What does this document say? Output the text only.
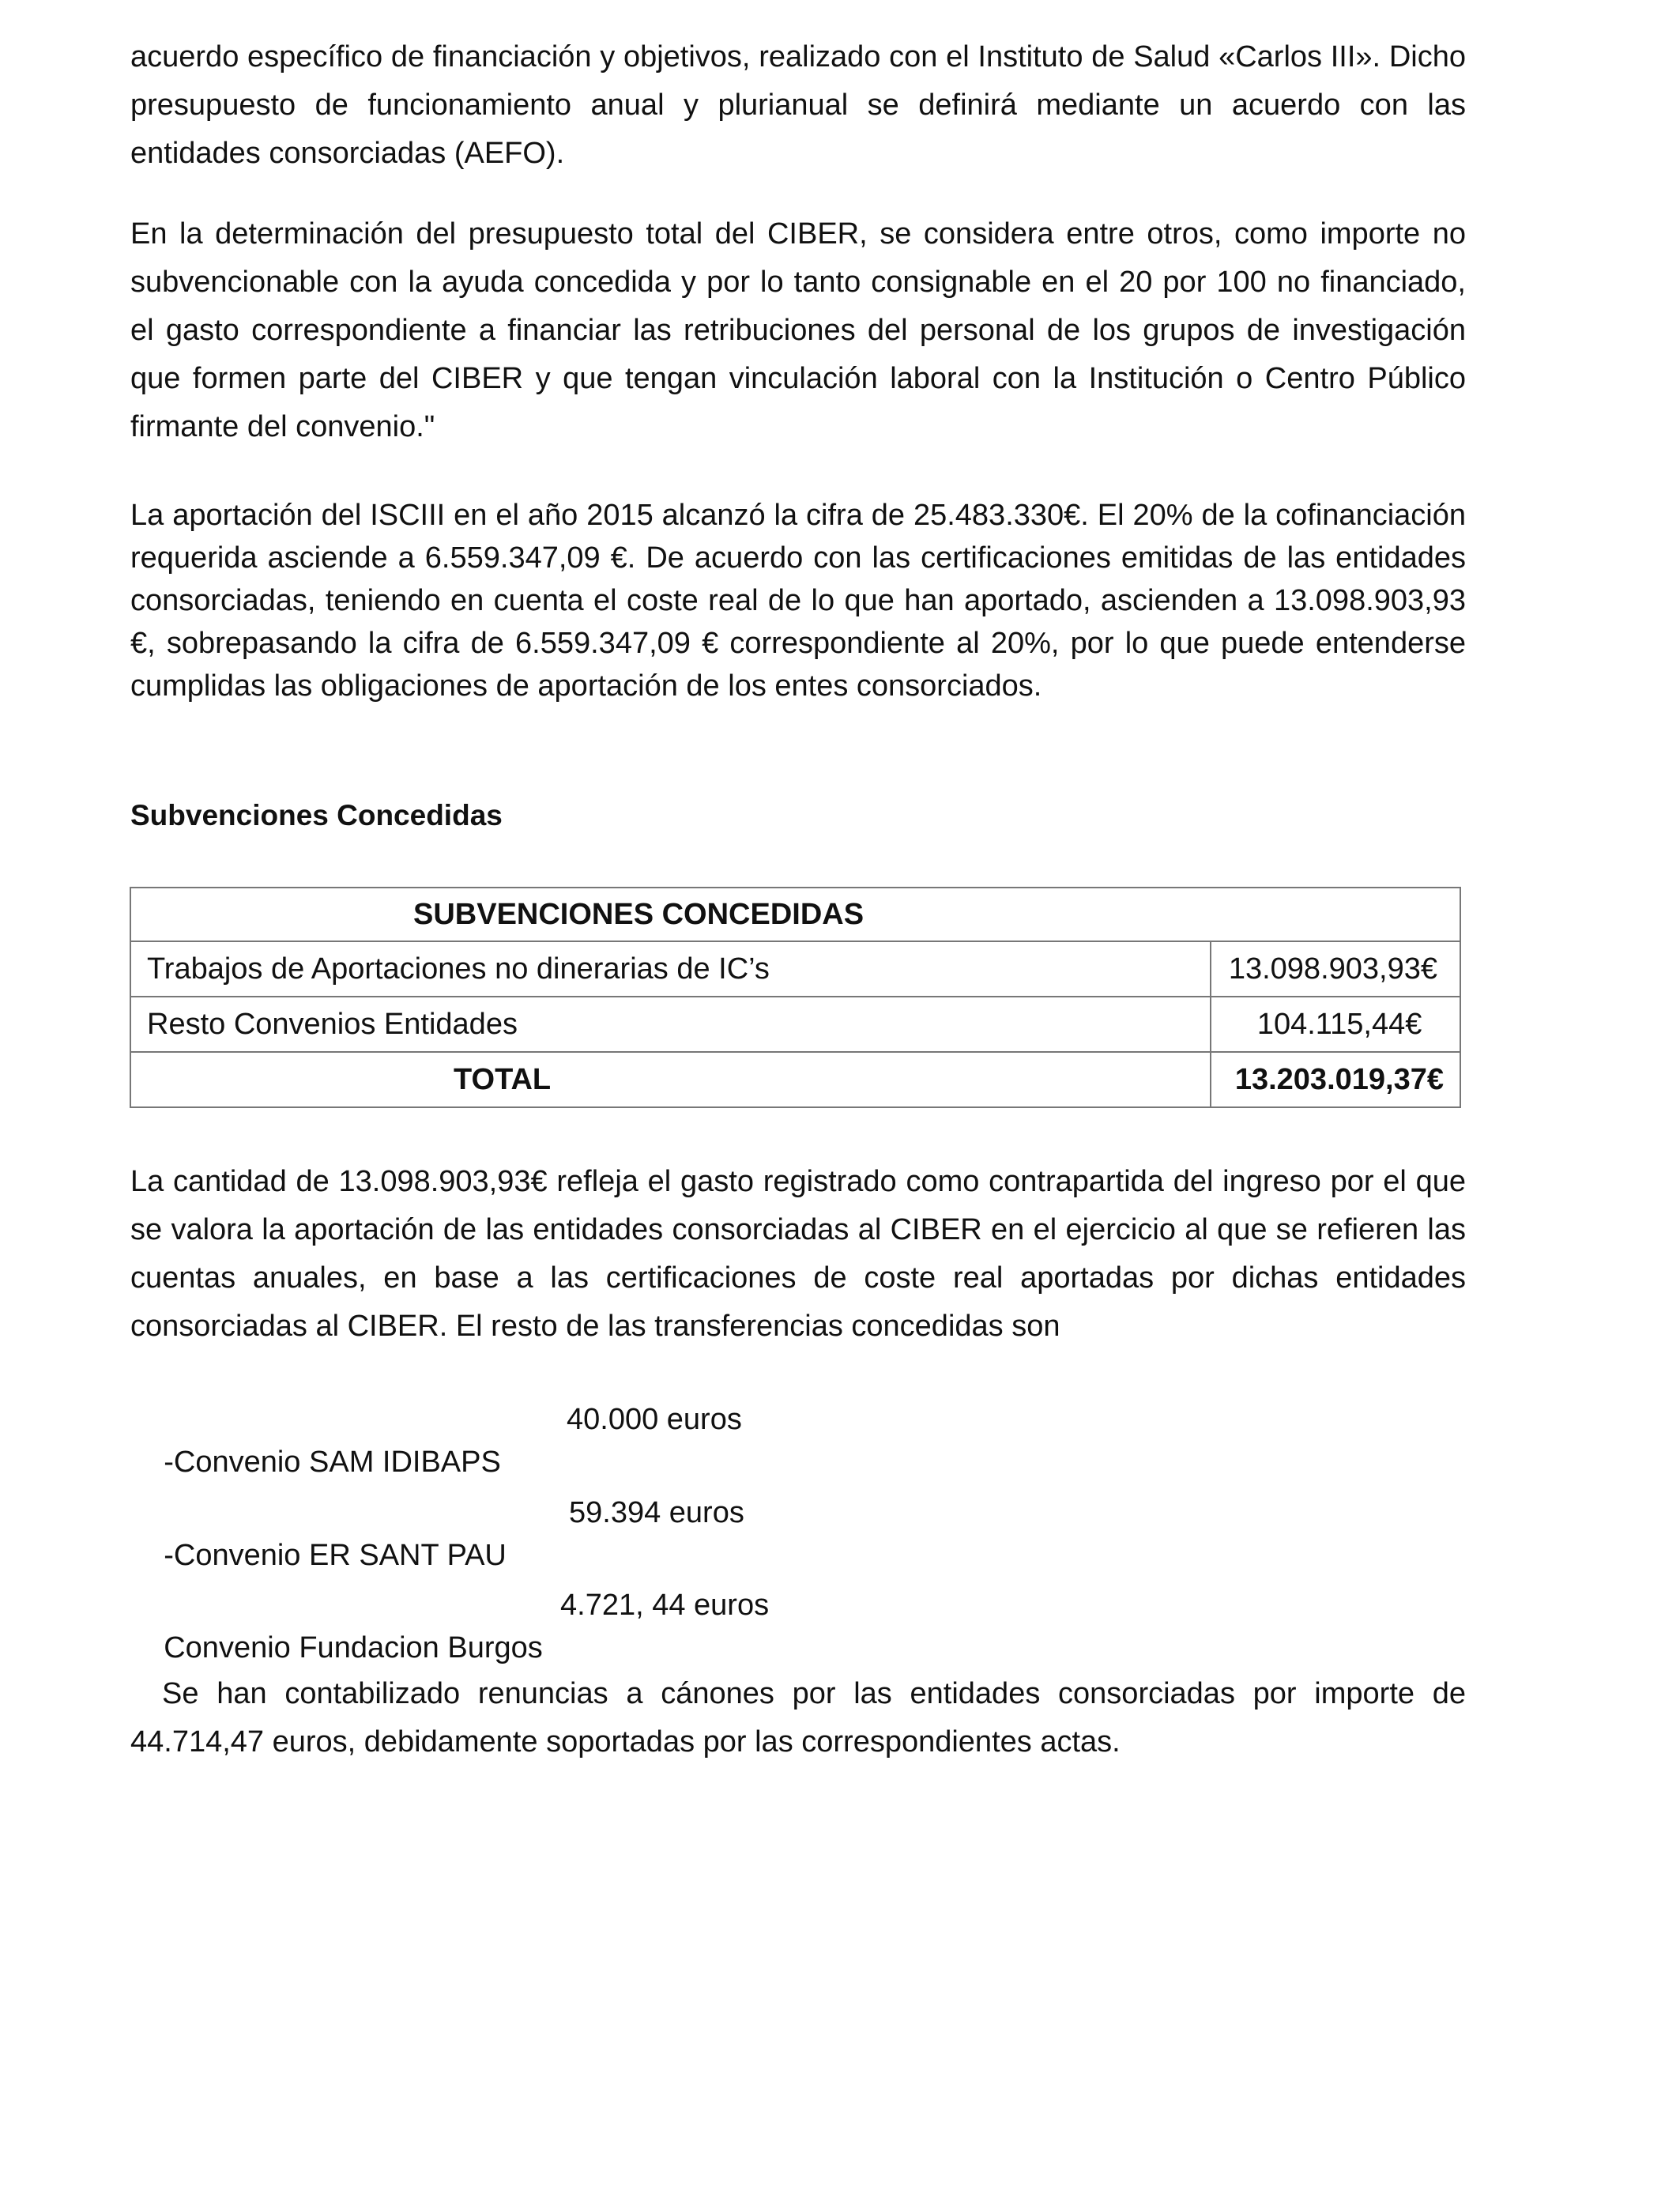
acuerdo específico de financiación y objetivos, realizado con el Instituto de Salud «Carlos III». Dicho presupuesto de funcionamiento anual y plurianual se definirá mediante un acuerdo con las entidades consorciadas (AEFO).

En la determinación del presupuesto total del CIBER, se considera entre otros, como importe no subvencionable con la ayuda concedida y por lo tanto consignable en el 20 por 100 no financiado, el gasto correspondiente a financiar las retribuciones del personal de los grupos de investigación que formen parte del CIBER y que tengan vinculación laboral con la Institución o Centro Público firmante del convenio."

La aportación del ISCIII en el año 2015 alcanzó la cifra de 25.483.330€. El 20% de la cofinanciación requerida asciende a 6.559.347,09 €. De acuerdo con las certificaciones emitidas de las entidades consorciadas, teniendo en cuenta el coste real de lo que han aportado, ascienden a 13.098.903,93 €, sobrepasando la cifra de 6.559.347,09 € correspondiente al 20%, por lo que puede entenderse cumplidas las obligaciones de aportación de los entes consorciados.

Subvenciones Concedidas

SUBVENCIONES CONCEDIDAS	
Trabajos de Aportaciones no dinerarias de IC’s	13.098.903,93€
Resto Convenios Entidades	104.115,44€
TOTAL	13.203.019,37€

La cantidad de 13.098.903,93€ refleja el gasto registrado como contrapartida del ingreso por el que se valora la aportación de las entidades consorciadas al CIBER en el ejercicio al que se refieren las cuentas anuales, en base a las certificaciones de coste real aportadas por dichas entidades consorciadas al CIBER. El resto de las transferencias concedidas son

-Convenio SAM IDIBAPS

40.000 euros

-Convenio ER SANT PAU

59.394 euros

Convenio Fundacion Burgos

4.721, 44 euros

Se han contabilizado renuncias a cánones por las entidades consorciadas por importe de 44.714,47 euros, debidamente soportadas por las correspondientes actas.
